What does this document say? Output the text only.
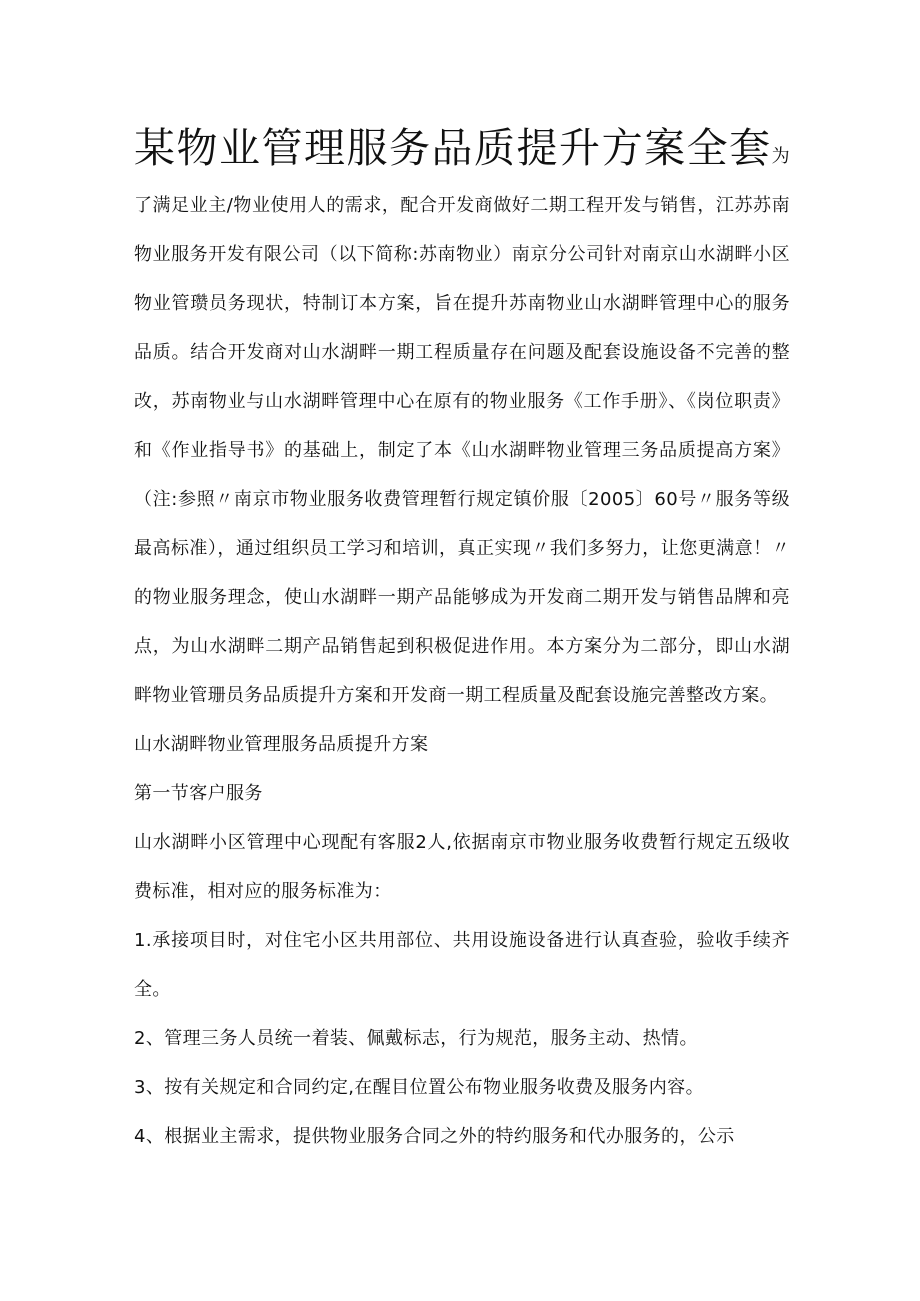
某物业管理服务品质提升方案全套为了满足业主/物业使用人的需求，配合开发商做好二期工程开发与销售，江苏苏南物业服务开发有限公司（以下简称:苏南物业）南京分公司针对南京山水湖畔小区物业管瓒员务现状，特制订本方案，旨在提升苏南物业山水湖畔管理中心的服务品质。结合开发商对山水湖畔一期工程质量存在问题及配套设施设备不完善的整改，苏南物业与山水湖畔管理中心在原有的物业服务《工作手册》、《岗位职责》和《作业指导书》的基础上，制定了本《山水湖畔物业管理三务品质提高方案》（注:参照〃南京市物业服务收费管理暂行规定镇价服〔2005〕60号〃服务等级最高标准），通过组织员工学习和培训，真正实现〃我们多努力，让您更满意！〃的物业服务理念，使山水湖畔一期产品能够成为开发商二期开发与销售品牌和亮点，为山水湖畔二期产品销售起到积极促进作用。本方案分为二部分，即山水湖畔物业管珊员务品质提升方案和开发商一期工程质量及配套设施完善整改方案。

山水湖畔物业管理服务品质提升方案

第一节客户服务

山水湖畔小区管理中心现配有客服2人,依据南京市物业服务收费暂行规定五级收费标准，相对应的服务标准为：

1.承接项目时，对住宅小区共用部位、共用设施设备进行认真查验，验收手续齐全。

2、管理三务人员统一着装、佩戴标志，行为规范，服务主动、热情。

3、按有关规定和合同约定,在醒目位置公布物业服务收费及服务内容。

4、根据业主需求，提供物业服务合同之外的特约服务和代办服务的，公示
